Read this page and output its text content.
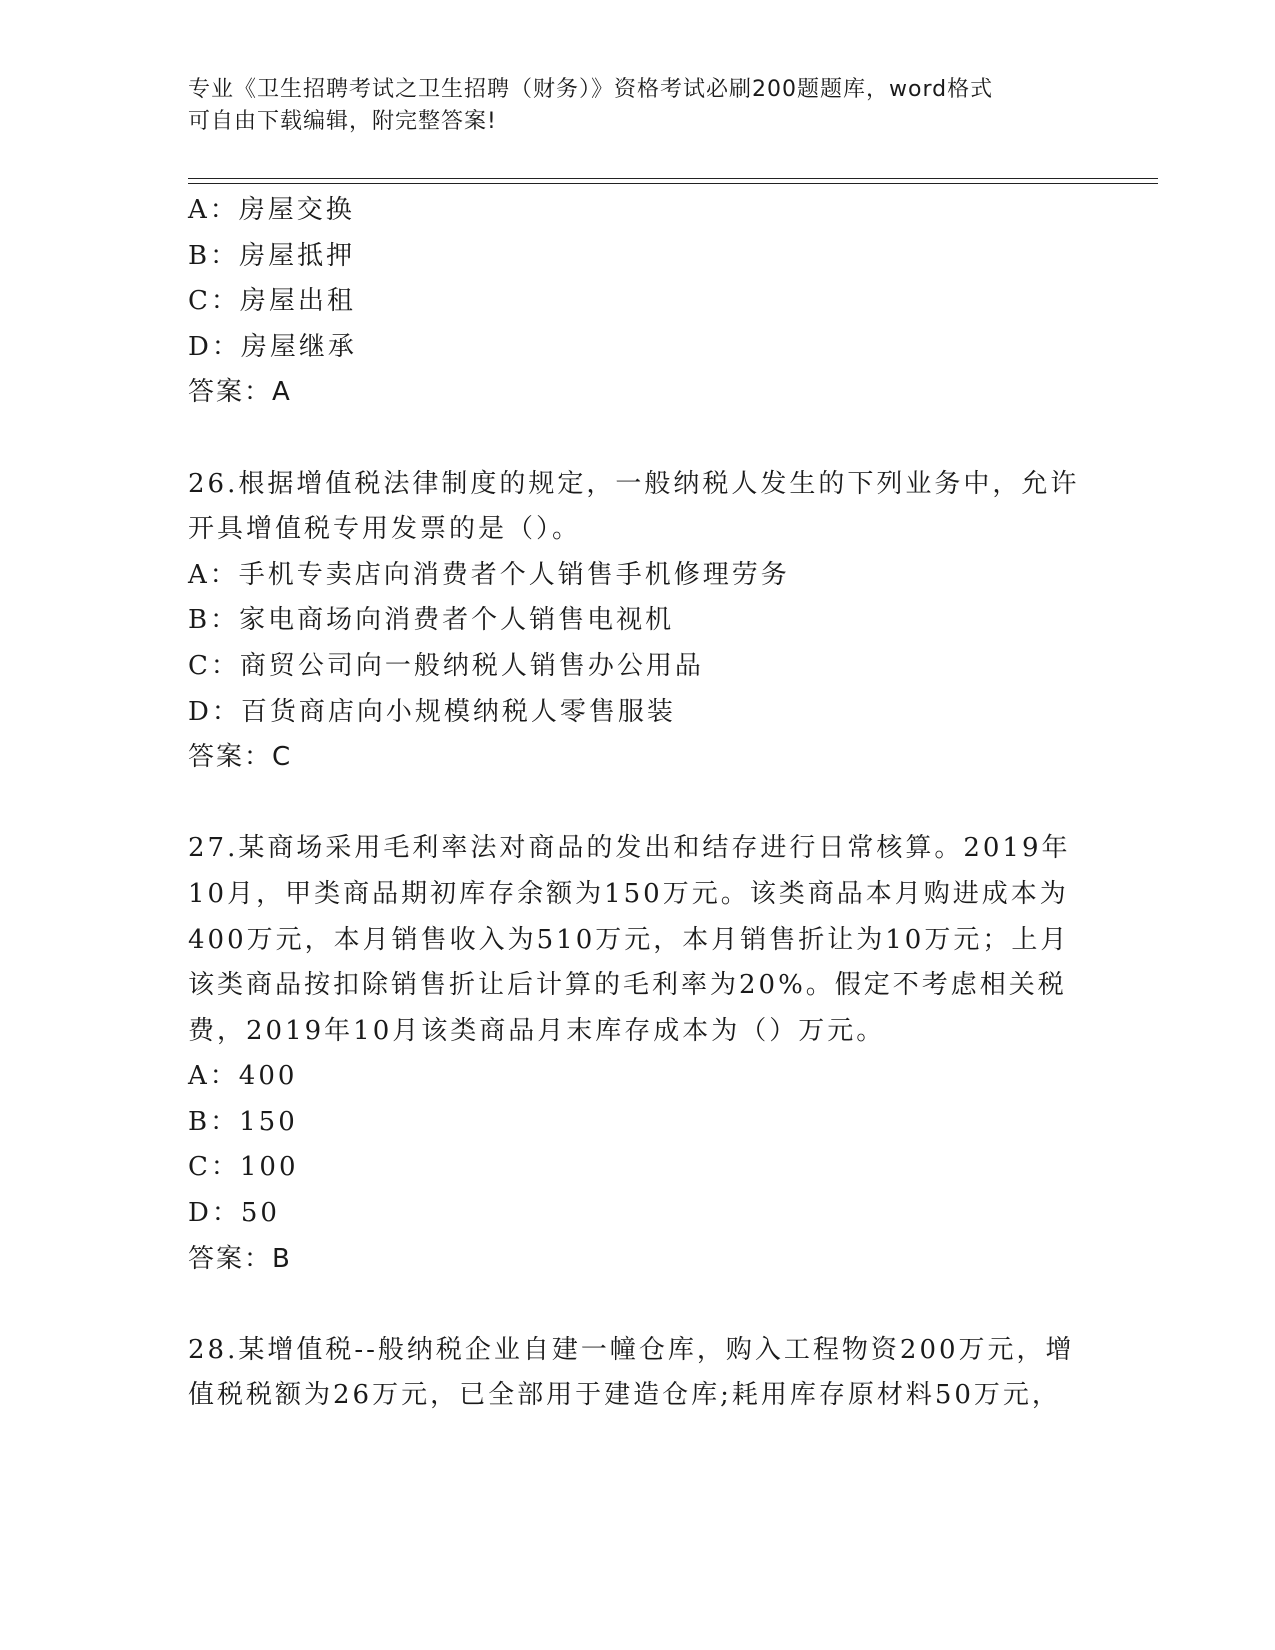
专业《卫生招聘考试之卫生招聘（财务）》资格考试必刷200题题库，word格式
可自由下载编辑，附完整答案!
A：房屋交换
B：房屋抵押
C：房屋出租
D：房屋继承
答案：A
26.根据增值税法律制度的规定，一般纳税人发生的下列业务中，允许
开具增值税专用发票的是（）。
A：手机专卖店向消费者个人销售手机修理劳务
B：家电商场向消费者个人销售电视机
C：商贸公司向一般纳税人销售办公用品
D：百货商店向小规模纳税人零售服装
答案：C
27.某商场采用毛利率法对商品的发出和结存进行日常核算。2019年
10月，甲类商品期初库存余额为150万元。该类商品本月购进成本为
400万元，本月销售收入为510万元，本月销售折让为10万元；上月
该类商品按扣除销售折让后计算的毛利率为20%。假定不考虑相关税
费，2019年10月该类商品月末库存成本为（）万元。
A：400
B：150
C：100
D：50
答案：B
28.某增值税--般纳税企业自建一幢仓库，购入工程物资200万元，增
值税税额为26万元，已全部用于建造仓库;耗用库存原材料50万元，
